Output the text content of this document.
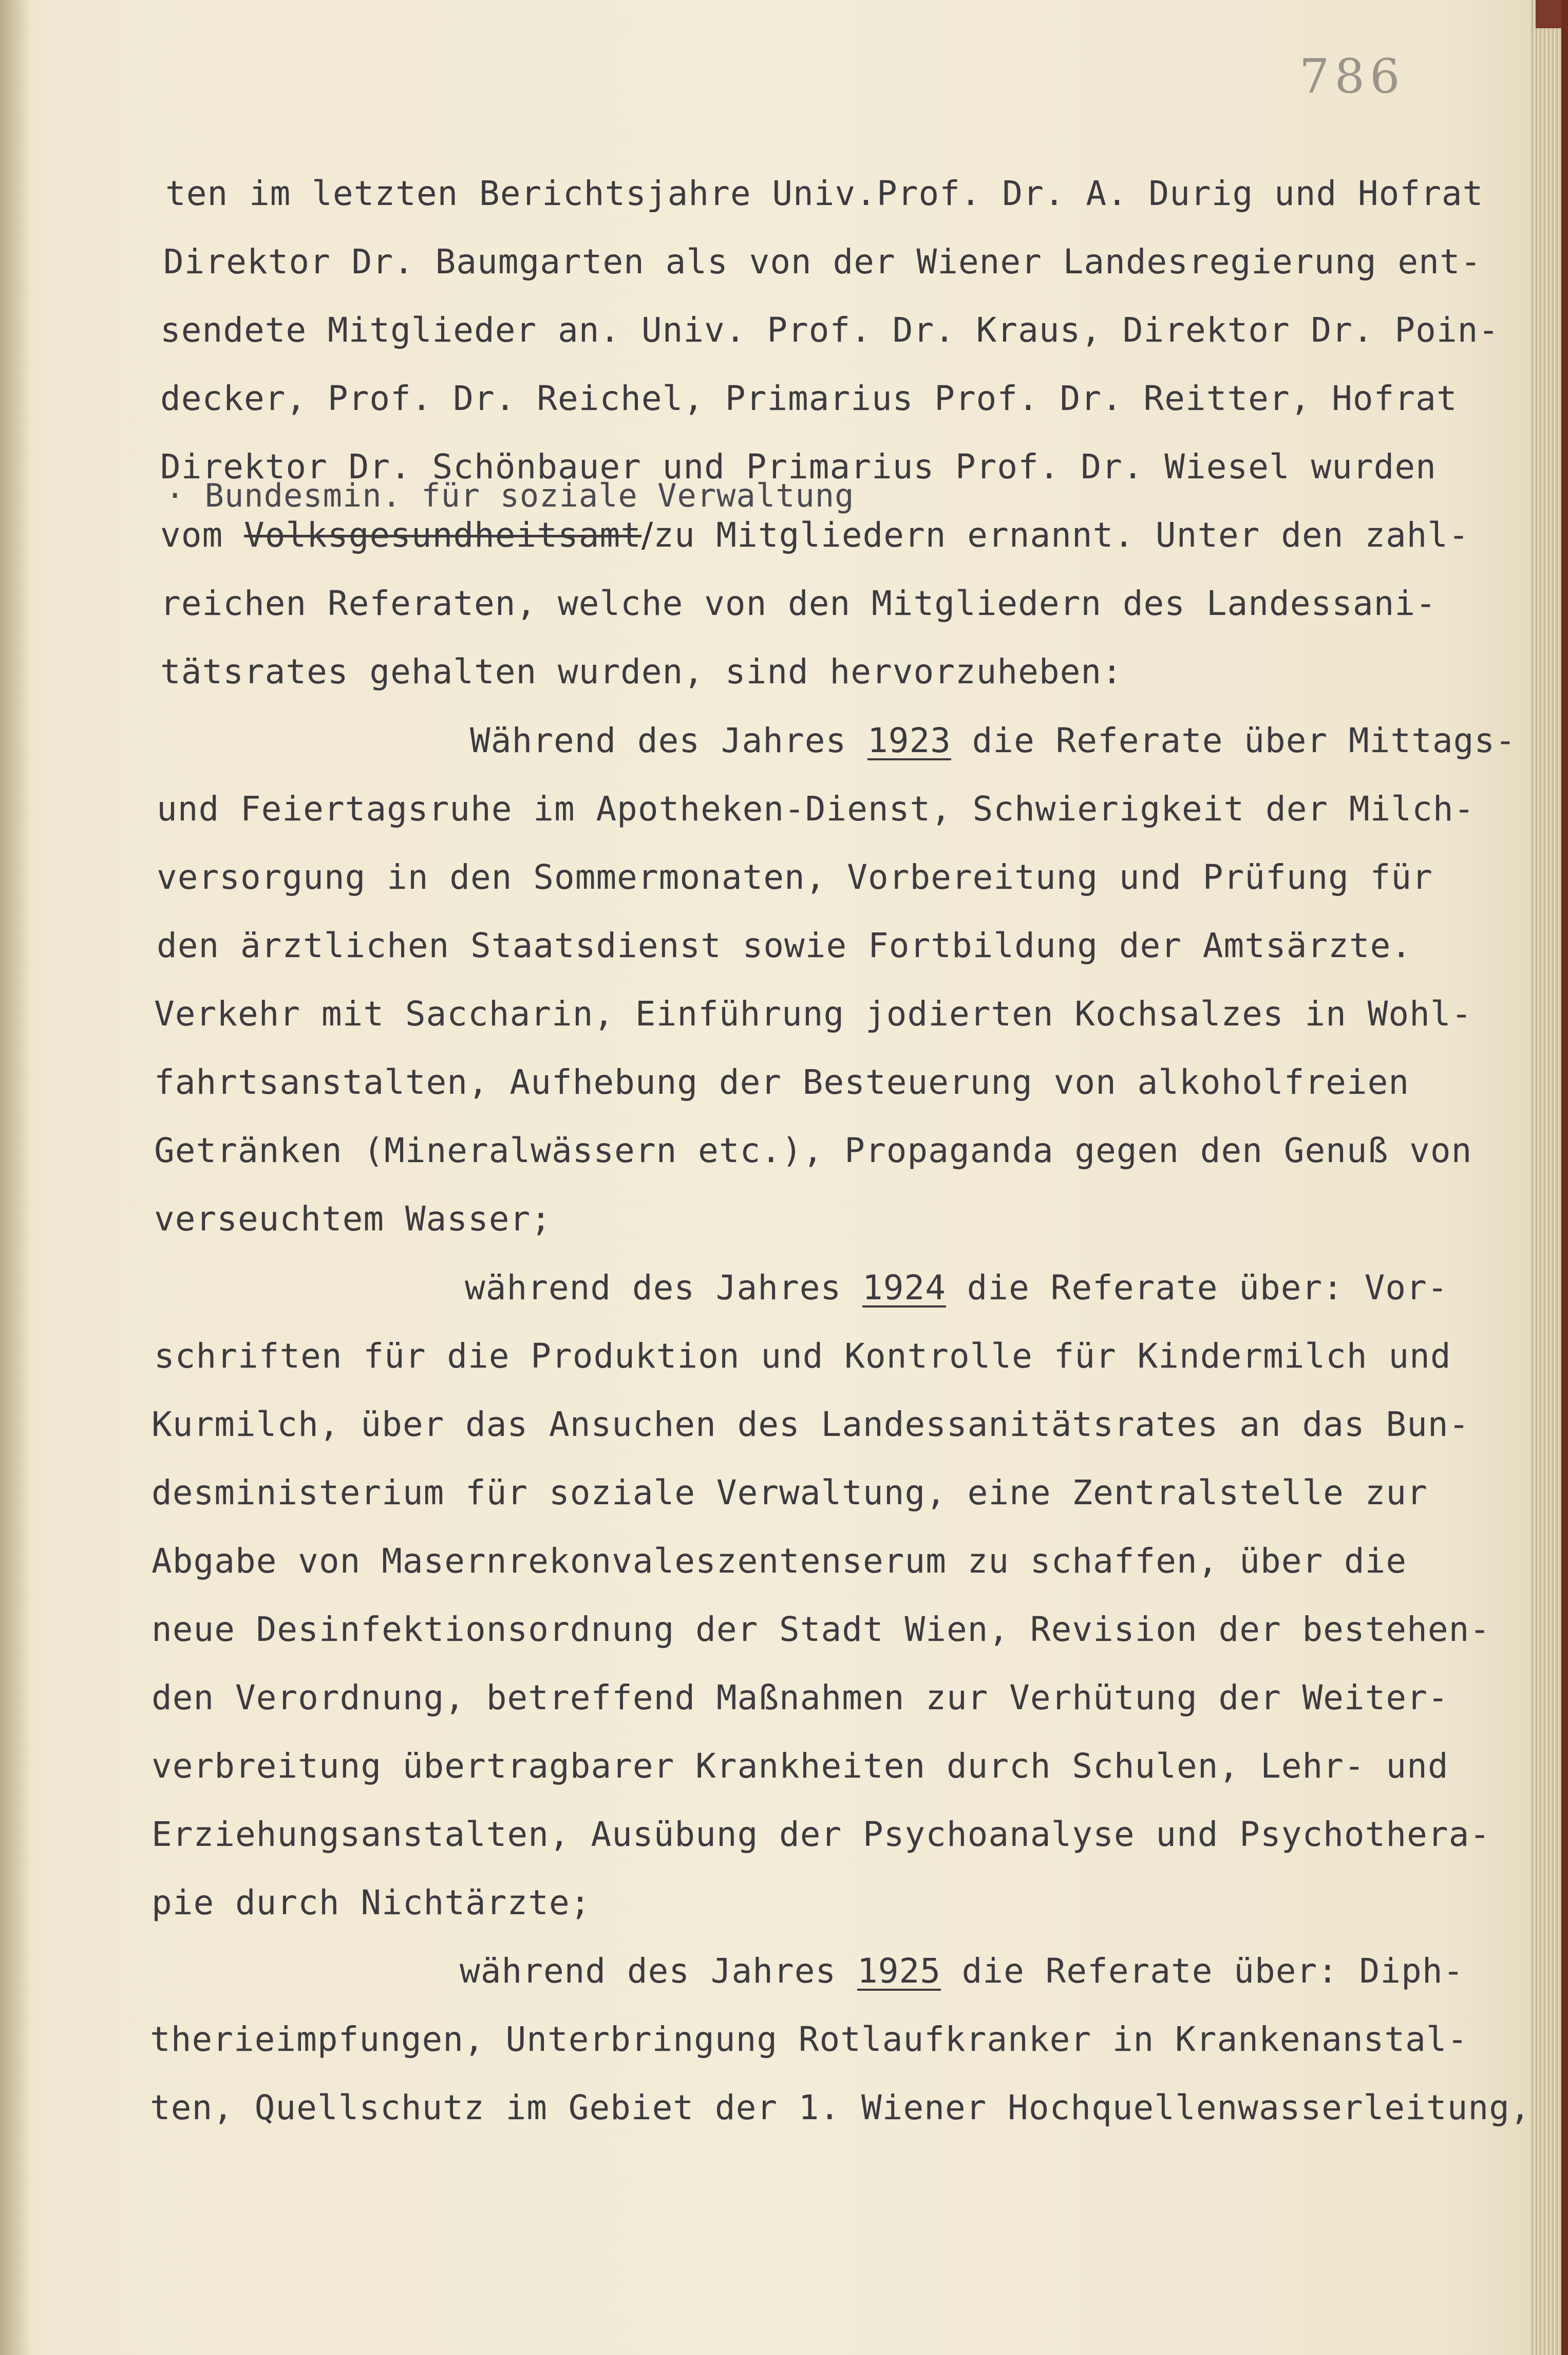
786
ten im letzten Berichtsjahre Univ.Prof. Dr. A. Durig und Hofrat
Direktor Dr. Baumgarten als von der Wiener Landesregierung ent-
sendete Mitglieder an. Univ. Prof. Dr. Kraus, Direktor Dr. Poin-
decker, Prof. Dr. Reichel, Primarius Prof. Dr. Reitter, Hofrat
Direktor Dr. Schönbauer und Primarius Prof. Dr. Wiesel wurden
· Bundesmin. für soziale Verwaltung
vom Volksgesundheitsamt/zu Mitgliedern ernannt. Unter den zahl-
reichen Referaten, welche von den Mitgliedern des Landessani-
tätsrates gehalten wurden, sind hervorzuheben:
Während des Jahres 1923 die Referate über Mittags-
und Feiertagsruhe im Apotheken-Dienst, Schwierigkeit der Milch-
versorgung in den Sommermonaten, Vorbereitung und Prüfung für
den ärztlichen Staatsdienst sowie Fortbildung der Amtsärzte.
Verkehr mit Saccharin, Einführung jodierten Kochsalzes in Wohl-
fahrtsanstalten, Aufhebung der Besteuerung von alkoholfreien
Getränken (Mineralwässern etc.), Propaganda gegen den Genuß von
verseuchtem Wasser;
während des Jahres 1924 die Referate über: Vor-
schriften für die Produktion und Kontrolle für Kindermilch und
Kurmilch, über das Ansuchen des Landessanitätsrates an das Bun-
desministerium für soziale Verwaltung, eine Zentralstelle zur
Abgabe von Masernrekonvaleszentenserum zu schaffen, über die
neue Desinfektionsordnung der Stadt Wien, Revision der bestehen-
den Verordnung, betreffend Maßnahmen zur Verhütung der Weiter-
verbreitung übertragbarer Krankheiten durch Schulen, Lehr- und
Erziehungsanstalten, Ausübung der Psychoanalyse und Psychothera-
pie durch Nichtärzte;
während des Jahres 1925 die Referate über: Diph-
therieimpfungen, Unterbringung Rotlaufkranker in Krankenanstal-
ten, Quellschutz im Gebiet der 1. Wiener Hochquellenwasserleitung,
